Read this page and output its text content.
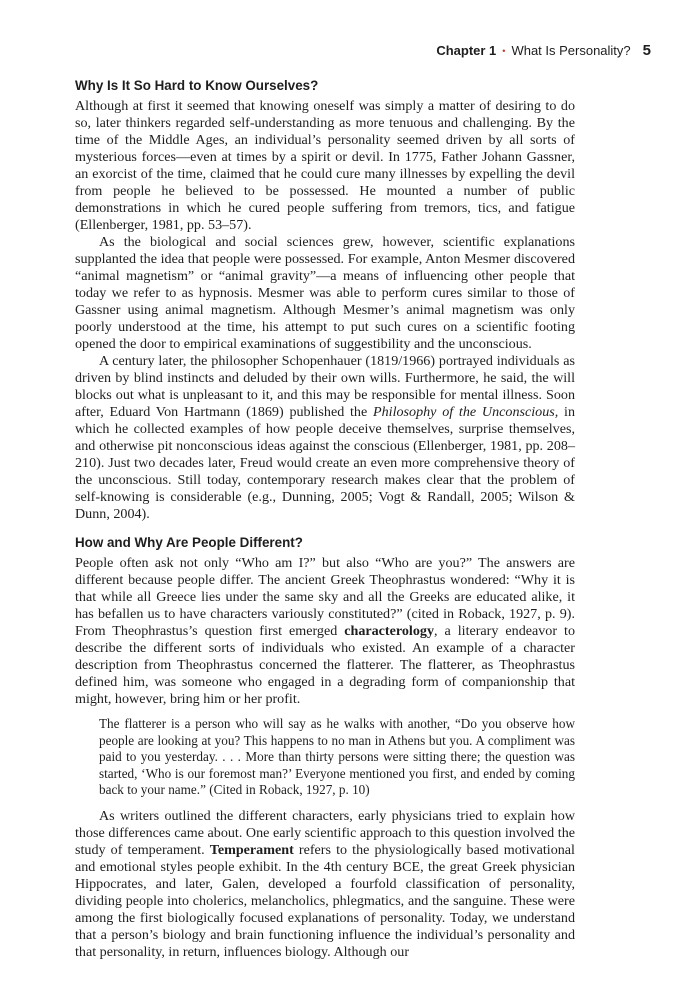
Chapter 1 • What Is Personality? 5
Why Is It So Hard to Know Ourselves?

Although at first it seemed that knowing oneself was simply a matter of desiring to do so, later thinkers regarded self-understanding as more tenuous and challenging. By the time of the Middle Ages, an individual’s personality seemed driven by all sorts of mysterious forces—even at times by a spirit or devil. In 1775, Father Johann Gassner, an exorcist of the time, claimed that he could cure many illnesses by expelling the devil from people he believed to be possessed. He mounted a number of public demonstrations in which he cured people suffering from tremors, tics, and fatigue (Ellenberger, 1981, pp. 53–57).

As the biological and social sciences grew, however, scientific explanations supplanted the idea that people were possessed. For example, Anton Mesmer discovered “animal magnetism” or “animal gravity”—a means of influencing other people that today we refer to as hypnosis. Mesmer was able to perform cures similar to those of Gassner using animal magnetism. Although Mesmer’s animal magnetism was only poorly understood at the time, his attempt to put such cures on a scientific footing opened the door to empirical examinations of suggestibility and the unconscious.

A century later, the philosopher Schopenhauer (1819/1966) portrayed individuals as driven by blind instincts and deluded by their own wills. Furthermore, he said, the will blocks out what is unpleasant to it, and this may be responsible for mental illness. Soon after, Eduard Von Hartmann (1869) published the Philosophy of the Unconscious, in which he collected examples of how people deceive themselves, surprise themselves, and otherwise pit nonconscious ideas against the conscious (Ellenberger, 1981, pp. 208–210). Just two decades later, Freud would create an even more comprehensive theory of the unconscious. Still today, contemporary research makes clear that the problem of self-knowing is considerable (e.g., Dunning, 2005; Vogt & Randall, 2005; Wilson & Dunn, 2004).

How and Why Are People Different?

People often ask not only “Who am I?” but also “Who are you?” The answers are different because people differ. The ancient Greek Theophrastus wondered: “Why it is that while all Greece lies under the same sky and all the Greeks are educated alike, it has befallen us to have characters variously constituted?” (cited in Roback, 1927, p. 9). From Theophrastus’s question first emerged characterology, a literary endeavor to describe the different sorts of individuals who existed. An example of a character description from Theophrastus concerned the flatterer. The flatterer, as Theophrastus defined him, was someone who engaged in a degrading form of companionship that might, however, bring him or her profit.

The flatterer is a person who will say as he walks with another, “Do you observe how people are looking at you? This happens to no man in Athens but you. A compliment was paid to you yesterday. . . . More than thirty persons were sitting there; the question was started, ‘Who is our foremost man?’ Everyone mentioned you first, and ended by coming back to your name.” (Cited in Roback, 1927, p. 10)

As writers outlined the different characters, early physicians tried to explain how those differences came about. One early scientific approach to this question involved the study of temperament. Temperament refers to the physiologically based motivational and emotional styles people exhibit. In the 4th century BCE, the great Greek physician Hippocrates, and later, Galen, developed a fourfold classification of personality, dividing people into cholerics, melancholics, phlegmatics, and the sanguine. These were among the first biologically focused explanations of personality. Today, we understand that a person’s biology and brain functioning influence the individual’s personality and that personality, in return, influences biology. Although our
